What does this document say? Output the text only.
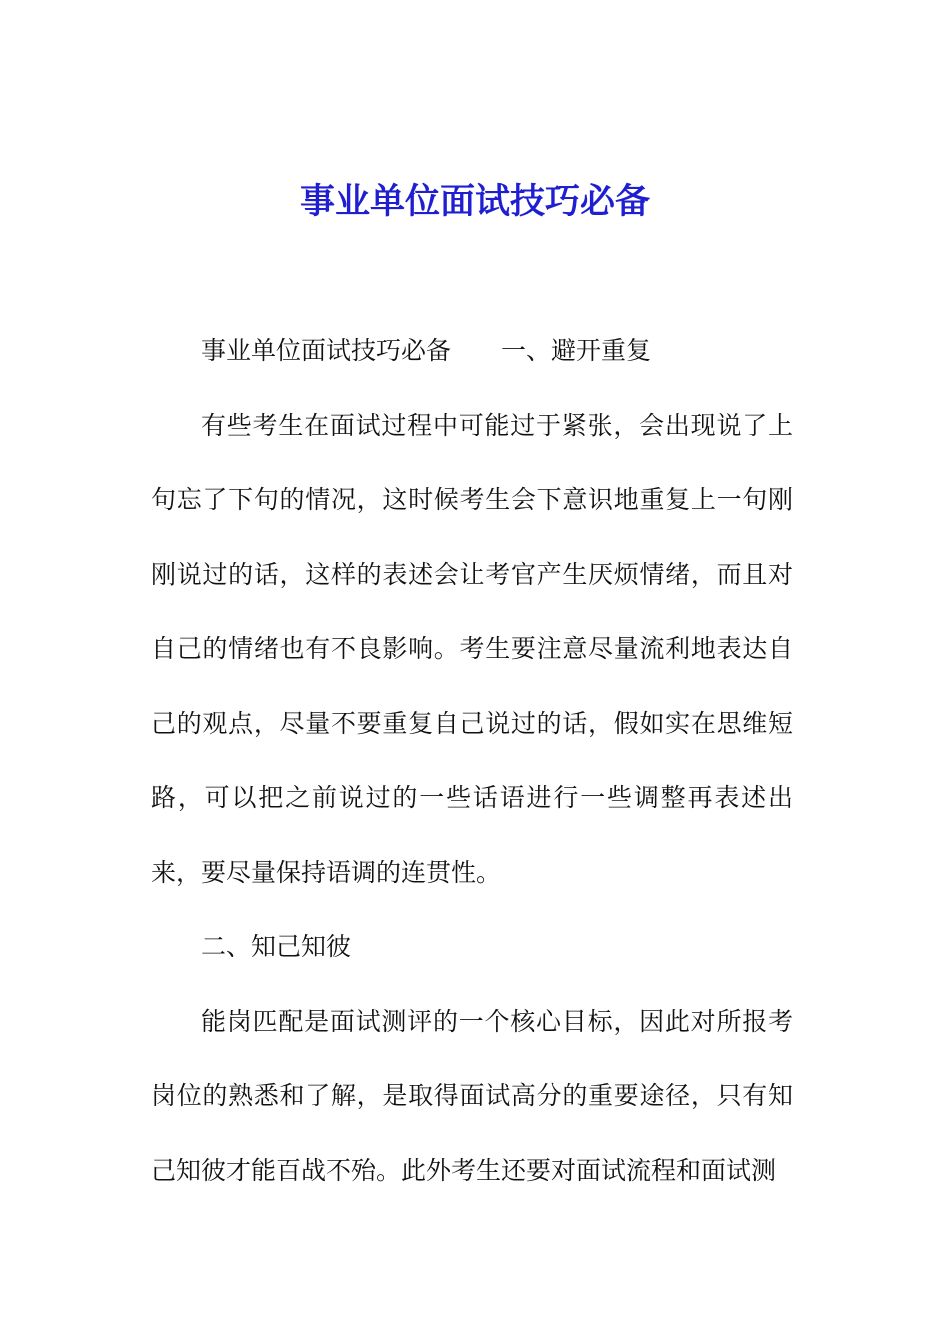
事业单位面试技巧必备

事业单位面试技巧必备　　一、避开重复

有些考生在面试过程中可能过于紧张，会出现说了上句忘了下句的情况，这时候考生会下意识地重复上一句刚刚说过的话，这样的表述会让考官产生厌烦情绪，而且对自己的情绪也有不良影响。考生要注意尽量流利地表达自己的观点，尽量不要重复自己说过的话，假如实在思维短路，可以把之前说过的一些话语进行一些调整再表述出来，要尽量保持语调的连贯性。

二、知己知彼

能岗匹配是面试测评的一个核心目标，因此对所报考岗位的熟悉和了解，是取得面试高分的重要途径，只有知己知彼才能百战不殆。此外考生还要对面试流程和面试测
